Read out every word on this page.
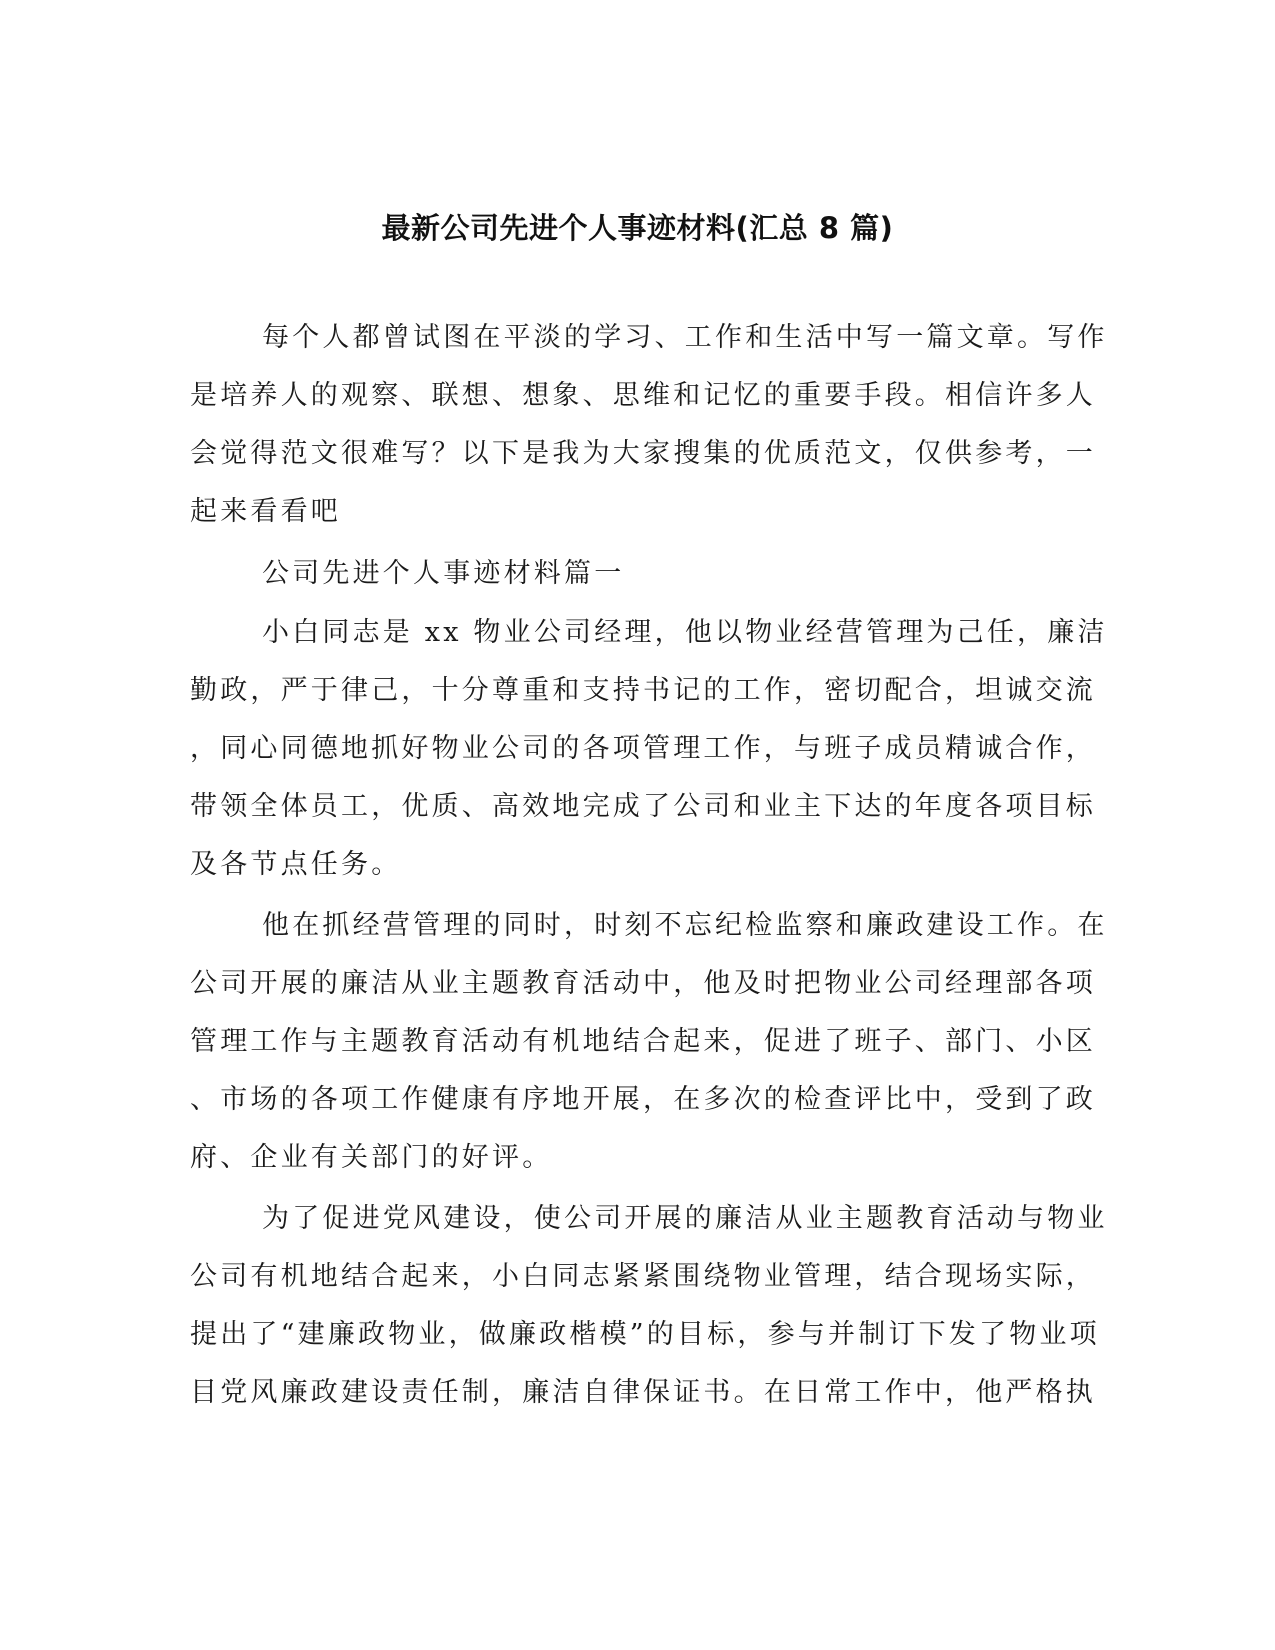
最新公司先进个人事迹材料(汇总 8 篇)

每个人都曾试图在平淡的学习、工作和生活中写一篇文章。写作

是培养人的观察、联想、想象、思维和记忆的重要手段。相信许多人

会觉得范文很难写？以下是我为大家搜集的优质范文，仅供参考，一

起来看看吧

公司先进个人事迹材料篇一

小白同志是 xx 物业公司经理，他以物业经营管理为己任，廉洁

勤政，严于律己，十分尊重和支持书记的工作，密切配合，坦诚交流

，同心同德地抓好物业公司的各项管理工作，与班子成员精诚合作，

带领全体员工，优质、高效地完成了公司和业主下达的年度各项目标

及各节点任务。

他在抓经营管理的同时，时刻不忘纪检监察和廉政建设工作。在

公司开展的廉洁从业主题教育活动中，他及时把物业公司经理部各项

管理工作与主题教育活动有机地结合起来，促进了班子、部门、小区

、市场的各项工作健康有序地开展，在多次的检查评比中，受到了政

府、企业有关部门的好评。

为了促进党风建设，使公司开展的廉洁从业主题教育活动与物业

公司有机地结合起来，小白同志紧紧围绕物业管理，结合现场实际，

提出了“建廉政物业，做廉政楷模”的目标，参与并制订下发了物业项

目党风廉政建设责任制，廉洁自律保证书。在日常工作中，他严格执
